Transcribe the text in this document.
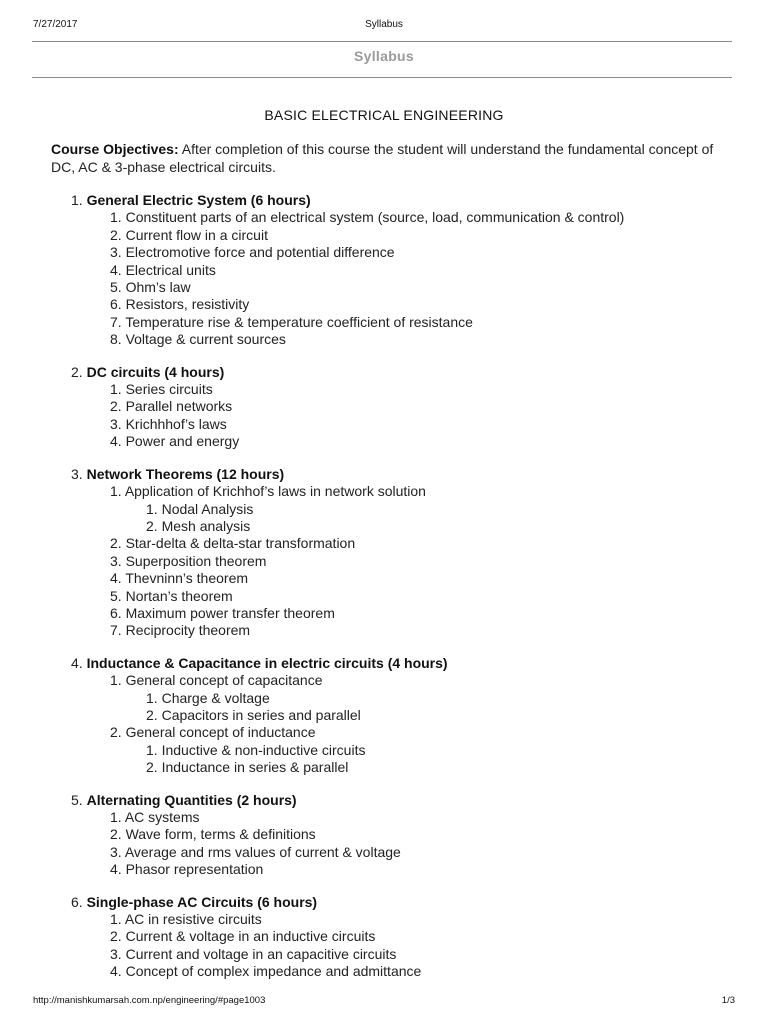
7/27/2017	Syllabus
Syllabus
BASIC ELECTRICAL ENGINEERING
Course Objectives: After completion of this course the student will understand the fundamental concept of DC, AC & 3-phase electrical circuits.
1. General Electric System (6 hours)
1. Constituent parts of an electrical system (source, load, communication & control)
2. Current flow in a circuit
3. Electromotive force and potential difference
4. Electrical units
5. Ohm’s law
6. Resistors, resistivity
7. Temperature rise & temperature coefficient of resistance
8. Voltage & current sources
2. DC circuits (4 hours)
1. Series circuits
2. Parallel networks
3. Krichhhof’s laws
4. Power and energy
3. Network Theorems (12 hours)
1. Application of Krichhof’s laws in network solution
1. Nodal Analysis
2. Mesh analysis
2. Star-delta & delta-star transformation
3. Superposition theorem
4. Thevninn’s theorem
5. Nortan’s theorem
6. Maximum power transfer theorem
7. Reciprocity theorem
4. Inductance & Capacitance in electric circuits (4 hours)
1. General concept of capacitance
1. Charge & voltage
2. Capacitors in series and parallel
2. General concept of inductance
1. Inductive & non-inductive circuits
2. Inductance in series & parallel
5. Alternating Quantities (2 hours)
1. AC systems
2. Wave form, terms & definitions
3. Average and rms values of current & voltage
4. Phasor representation
6. Single-phase AC Circuits (6 hours)
1. AC in resistive circuits
2. Current & voltage in an inductive circuits
3. Current and voltage in an capacitive circuits
4. Concept of complex impedance and admittance
http://manishkumarsah.com.np/engineering/#page1003	1/3
